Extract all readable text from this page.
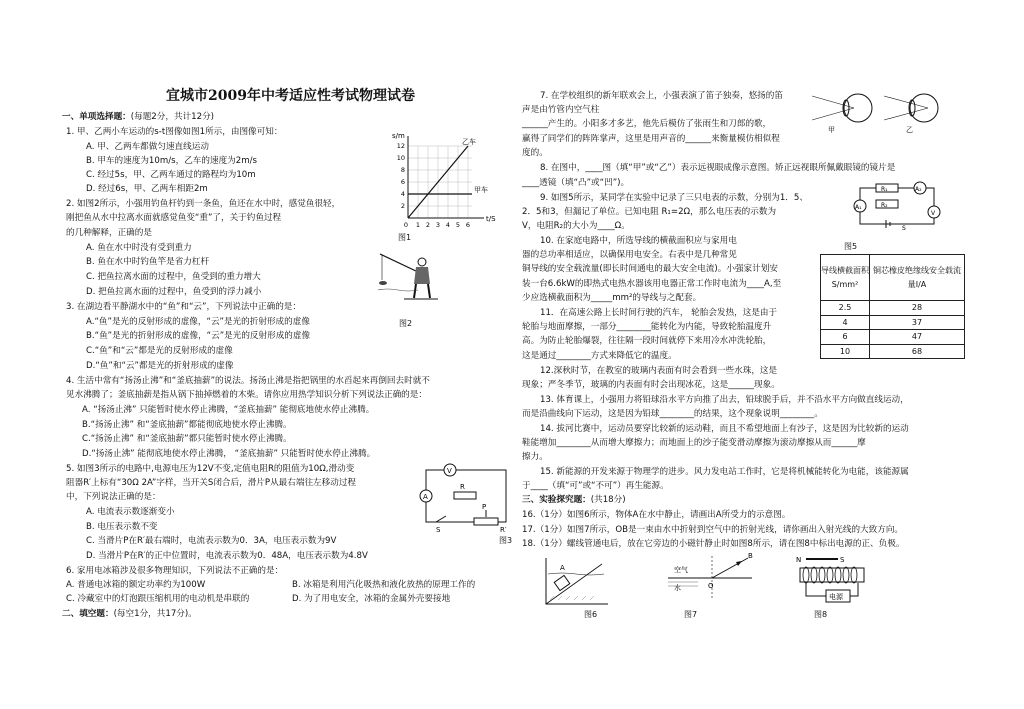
宜城市2009年中考适应性考试物理试卷
一、单项选择题：(每题2分，共计12分)
1. 甲、乙两小车运动的s-t图像如图1所示，由图像可知：
A. 甲、乙两车都做匀速直线运动
B. 甲车的速度为10m/s，乙车的速度为2m/s
C. 经过5s，甲、乙两车通过的路程均为10m
D. 经过6s，甲、乙两车相距2m
2. 如图2所示，小强用钓鱼杆钓到一条鱼，鱼还在水中时，感觉鱼很轻，
刚把鱼从水中拉离水面就感觉鱼变“重”了，关于钓鱼过程
的几种解释，正确的是
A. 鱼在水中时没有受到重力
B. 鱼在水中时钓鱼竿是省力杠杆
C. 把鱼拉离水面的过程中，鱼受到的重力增大
D. 把鱼拉离水面的过程中，鱼受到的浮力减小
3. 在湖边看平静湖水中的“鱼”和“云”，下列说法中正确的是：
A.“鱼”是光的反射形成的虚像，“云”是光的折射形成的虚像
B.“鱼”是光的折射形成的虚像，“云”是光的反射形成的虚像
C.“鱼”和“云”都是光的反射形成的虚像
D.“鱼”和“云”都是光的折射形成的虚像
4. 生活中常有“扬汤止沸”和“釜底抽薪”的说法。扬汤止沸是指把锅里的水舀起来再倒回去时就不
见水沸腾了；釜底抽薪是指从锅下抽掉燃着的木柴。请你应用热学知识分析下列说法正确的是：
A. “扬汤止沸” 只能暂时使水停止沸腾，“釜底抽薪” 能彻底地使水停止沸腾。
B.“扬汤止沸” 和“釜底抽薪”都能彻底地使水停止沸腾。
C.“扬汤止沸” 和“釜底抽薪”都只能暂时使水停止沸腾。
D.“扬汤止沸” 能彻底地使水停止沸腾， “釜底抽薪” 只能暂时使水停止沸腾。
5. 如图3所示的电路中,电源电压为12V不变,定值电阻R的阻值为10Ω,滑动变
阻器R′上标有“30Ω 2A”字样，当开关S闭合后，滑片P从最右端往左移动过程
中，下列说法正确的是：
A. 电流表示数逐渐变小
B. 电压表示数不变
C. 当滑片P在R′最右端时，电流表示数为0．3A，电压表示数为9V
D. 当滑片P在R′的正中位置时，电流表示数为0．48A，电压表示数为4.8V
6. 家用电冰箱涉及很多物理知识，下列说法不正确的是：
A. 普通电冰箱的额定功率约为100W	B. 冰箱是利用汽化吸热和液化放热的原理工作的
C. 冷藏室中的灯泡跟压缩机用的电动机是串联的	D. 为了用电安全，冰箱的金属外壳要接地
二、填空题：(每空1分，共17分)。
s/m
t/S
乙车
甲车
12
10
8
6
4
2
0 1 2 3 4 5 6
图1
图2
V
A
R
S
P
R′
图3
7. 在学校组织的新年联欢会上，小强表演了笛子独奏，悠扬的笛
声是由竹管内空气柱
______产生的。小阳多才多艺，他先后模仿了张雨生和刀郎的歌，
赢得了同学们的阵阵掌声，这里是用声音的______来衡量模仿相似程
度的。
8. 在图中，____图（填“甲”或“乙”）表示远视眼成像示意图。矫正远视眼所佩戴眼镜的镜片是
____透镜（填“凸”或“凹”)。
9. 如图5所示，某同学在实验中记录了三只电表的示数，分别为1．5、
2．5和3，但漏记了单位。已知电阻 R₁=2Ω，那么电压表的示数为
V，电阻R₂的大小为____Ω。
10. 在家庭电路中，所选导线的横截面积应与家用电
器的总功率相适应，以确保用电安全。右表中是几种常见
铜导线的安全载流量(即长时间通电的最大安全电流)。小强家计划安
装一台6.6kW的即热式电热水器该用电器正常工作时电流为____A,至
少应选横截面积为_____mm²的导线与之配套。
11．在高速公路上长时间行驶的汽车， 轮胎会发热，这是由于
轮胎与地面摩擦，一部分________能转化为内能，导致轮胎温度升
高。为防止轮胎爆裂，往往隔一段时间就停下来用冷水冲洗轮胎，
这是通过________方式来降低它的温度。
12.深秋时节，在教室的玻璃内表面有时会看到一些水珠，这是
现象；严冬季节，玻璃的内表面有时会出现冰花，这是______现象。
13. 体育课上，小强用力将铅球沿水平方向推了出去，铅球脱手后，并不沿水平方向做直线运动，
而是沿曲线向下运动，这是因为铅球________的结果，这个现象说明________。
14. 拔河比赛中，运动员要穿比较新的运动鞋，而且不希望地面上有沙子，这是因为比较新的运动
鞋能增加________从而增大摩擦力；而地面上的沙子能变滑动摩擦为滚动摩擦从而______摩
擦力。
15. 新能源的开发来源于物理学的进步。风力发电站工作时，它是将机械能转化为电能，该能源属
于____（填“可”或“不可”）再生能源。
三、实验探究题：(共18分)
16.（1分）如图6所示，物体A在水中静止，请画出A所受力的示意图。
17.（1分）如图7所示，OB是一束由水中折射到空气中的折射光线，请你画出入射光线的大致方向。
18.（1分）螺线管通电后，放在它旁边的小磁针静止时如图8所示，请在图8中标出电源的正、负极。
甲	乙
R₁
R₂
A₁
A₂
V
S
图5
导线横截面积S/mm²	铜芯橡皮绝缘线安全载流量I/A
2.5	28
4	37
6	47
10	68
A
图6
空气
O
B
水
图7
N	S
电源
图8
